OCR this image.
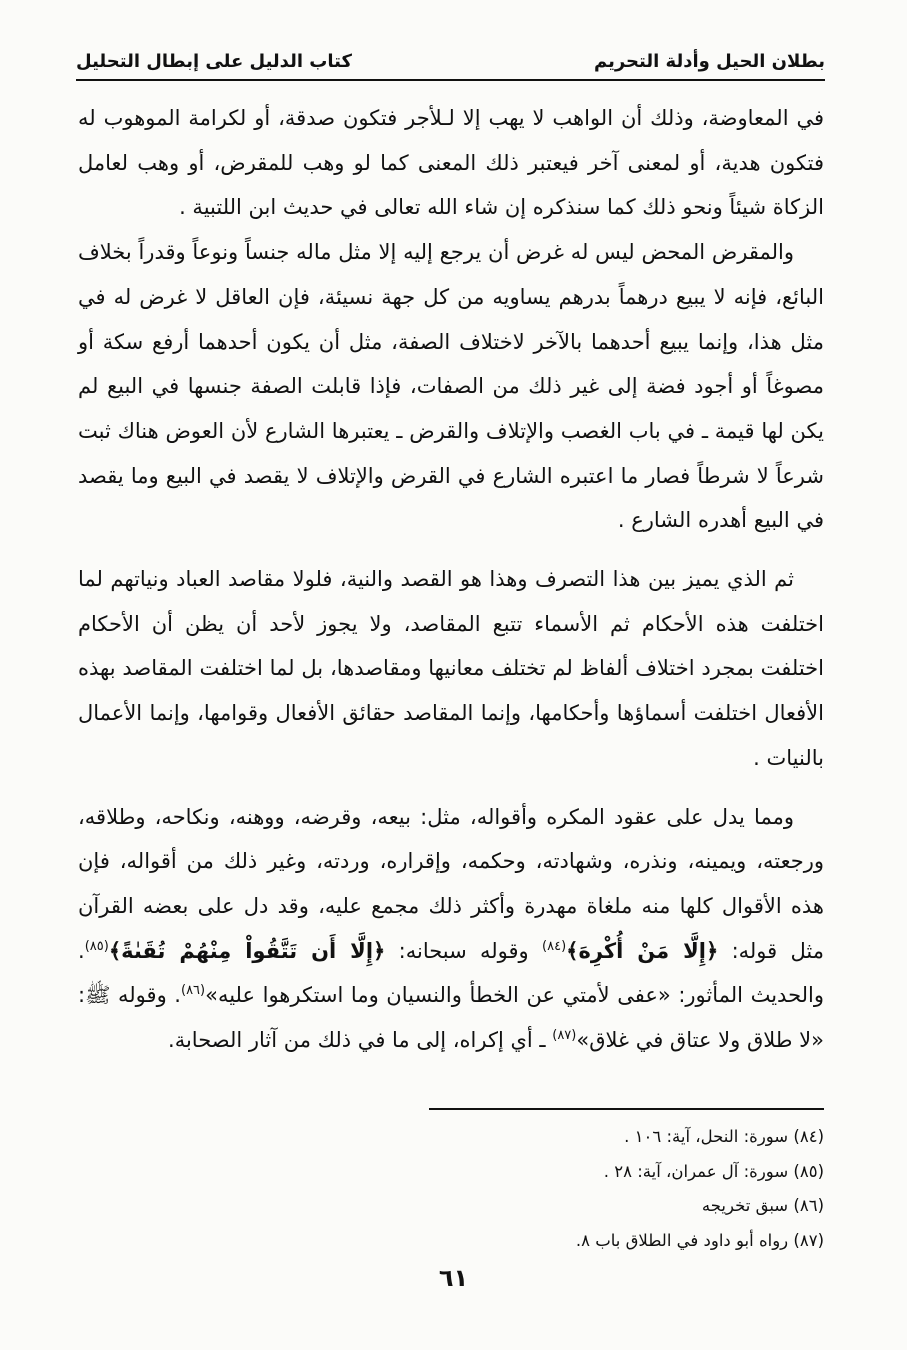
بطلان الحيل وأدلة التحريم
كتاب الدليل على إبطال التحليل

في المعاوضة، وذلك أن الواهب لا يهب إلا لـلأجر فتكون صدقة، أو لكرامة الموهوب له فتكون هدية، أو لمعنى آخر فيعتبر ذلك المعنى كما لو وهب للمقرض، أو وهب لعامل الزكاة شيئاً ونحو ذلك كما سنذكره إن شاء الله تعالى في حديث ابن اللتبية .

والمقرض المحض ليس له غرض أن يرجع إليه إلا مثل ماله جنساً ونوعاً وقدراً بخلاف البائع، فإنه لا يبيع درهماً بدرهم يساويه من كل جهة نسيئة، فإن العاقل لا غرض له في مثل هذا، وإنما يبيع أحدهما بالآخر لاختلاف الصفة، مثل أن يكون أحدهما أرفع سكة أو مصوغاً أو أجود فضة إلى غير ذلك من الصفات، فإذا قابلت الصفة جنسها في البيع لم يكن لها قيمة ـ في باب الغصب والإتلاف والقرض ـ يعتبرها الشارع لأن العوض هناك ثبت شرعاً لا شرطاً فصار ما اعتبره الشارع في القرض والإتلاف لا يقصد في البيع وما يقصد في البيع أهدره الشارع .

ثم الذي يميز بين هذا التصرف وهذا هو القصد والنية، فلولا مقاصد العباد ونياتهم لما اختلفت هذه الأحكام ثم الأسماء تتبع المقاصد، ولا يجوز لأحد أن يظن أن الأحكام اختلفت بمجرد اختلاف ألفاظ لم تختلف معانيها ومقاصدها، بل لما اختلفت المقاصد بهذه الأفعال اختلفت أسماؤها وأحكامها، وإنما المقاصد حقائق الأفعال وقوامها، وإنما الأعمال بالنيات .

ومما يدل على عقود المكره وأقواله، مثل: بيعه، وقرضه، ووهنه، ونكاحه، وطلاقه، ورجعته، ويمينه، ونذره، وشهادته، وحكمه، وإقراره، وردته، وغير ذلك من أقواله، فإن هذه الأقوال كلها منه ملغاة مهدرة وأكثر ذلك مجمع عليه، وقد دل على بعضه القرآن مثل قوله: ﴿إِلَّا مَنْ أُكْرِهَ﴾$^{(٨٤)}$ وقوله سبحانه: ﴿إِلَّا أَن تَتَّقُواْ مِنْهُمْ تُقَىٰةً﴾$^{(٨٥)}$. والحديث المأثور: «عفى لأمتي عن الخطأ والنسيان وما استكرهوا عليه»$^{(٨٦)}$. وقوله ﷺ: «لا طلاق ولا عتاق في غلاق»$^{(٨٧)}$ ـ أي إكراه، إلى ما في ذلك من آثار الصحابة.

(٨٤) سورة: النحل، آية: ١٠٦ .
(٨٥) سورة: آل عمران، آية: ٢٨ .
(٨٦) سبق تخريجه
(٨٧) رواه أبو داود في الطلاق باب ٨.
٦١
